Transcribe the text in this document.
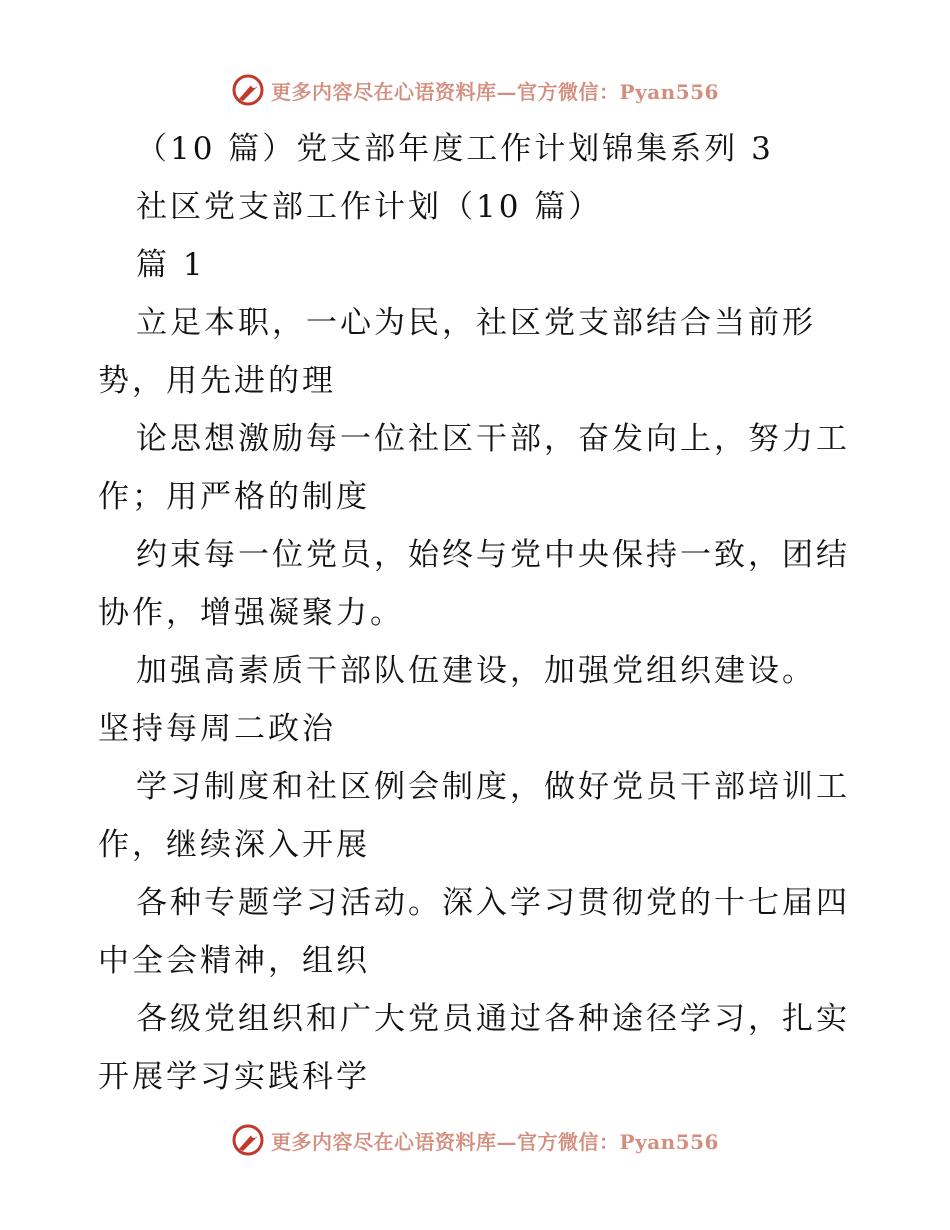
更多内容尽在心语资料库—官方微信：Pyan556
（10 篇）党支部年度工作计划锦集系列 3
社区党支部工作计划（10 篇）
篇 1
立足本职，一心为民，社区党支部结合当前形
势，用先进的理
论思想激励每一位社区干部，奋发向上，努力工
作；用严格的制度
约束每一位党员，始终与党中央保持一致，团结
协作，增强凝聚力。
加强高素质干部队伍建设，加强党组织建设。
坚持每周二政治
学习制度和社区例会制度，做好党员干部培训工
作，继续深入开展
各种专题学习活动。深入学习贯彻党的十七届四
中全会精神，组织
各级党组织和广大党员通过各种途径学习，扎实
开展学习实践科学
更多内容尽在心语资料库—官方微信：Pyan556
